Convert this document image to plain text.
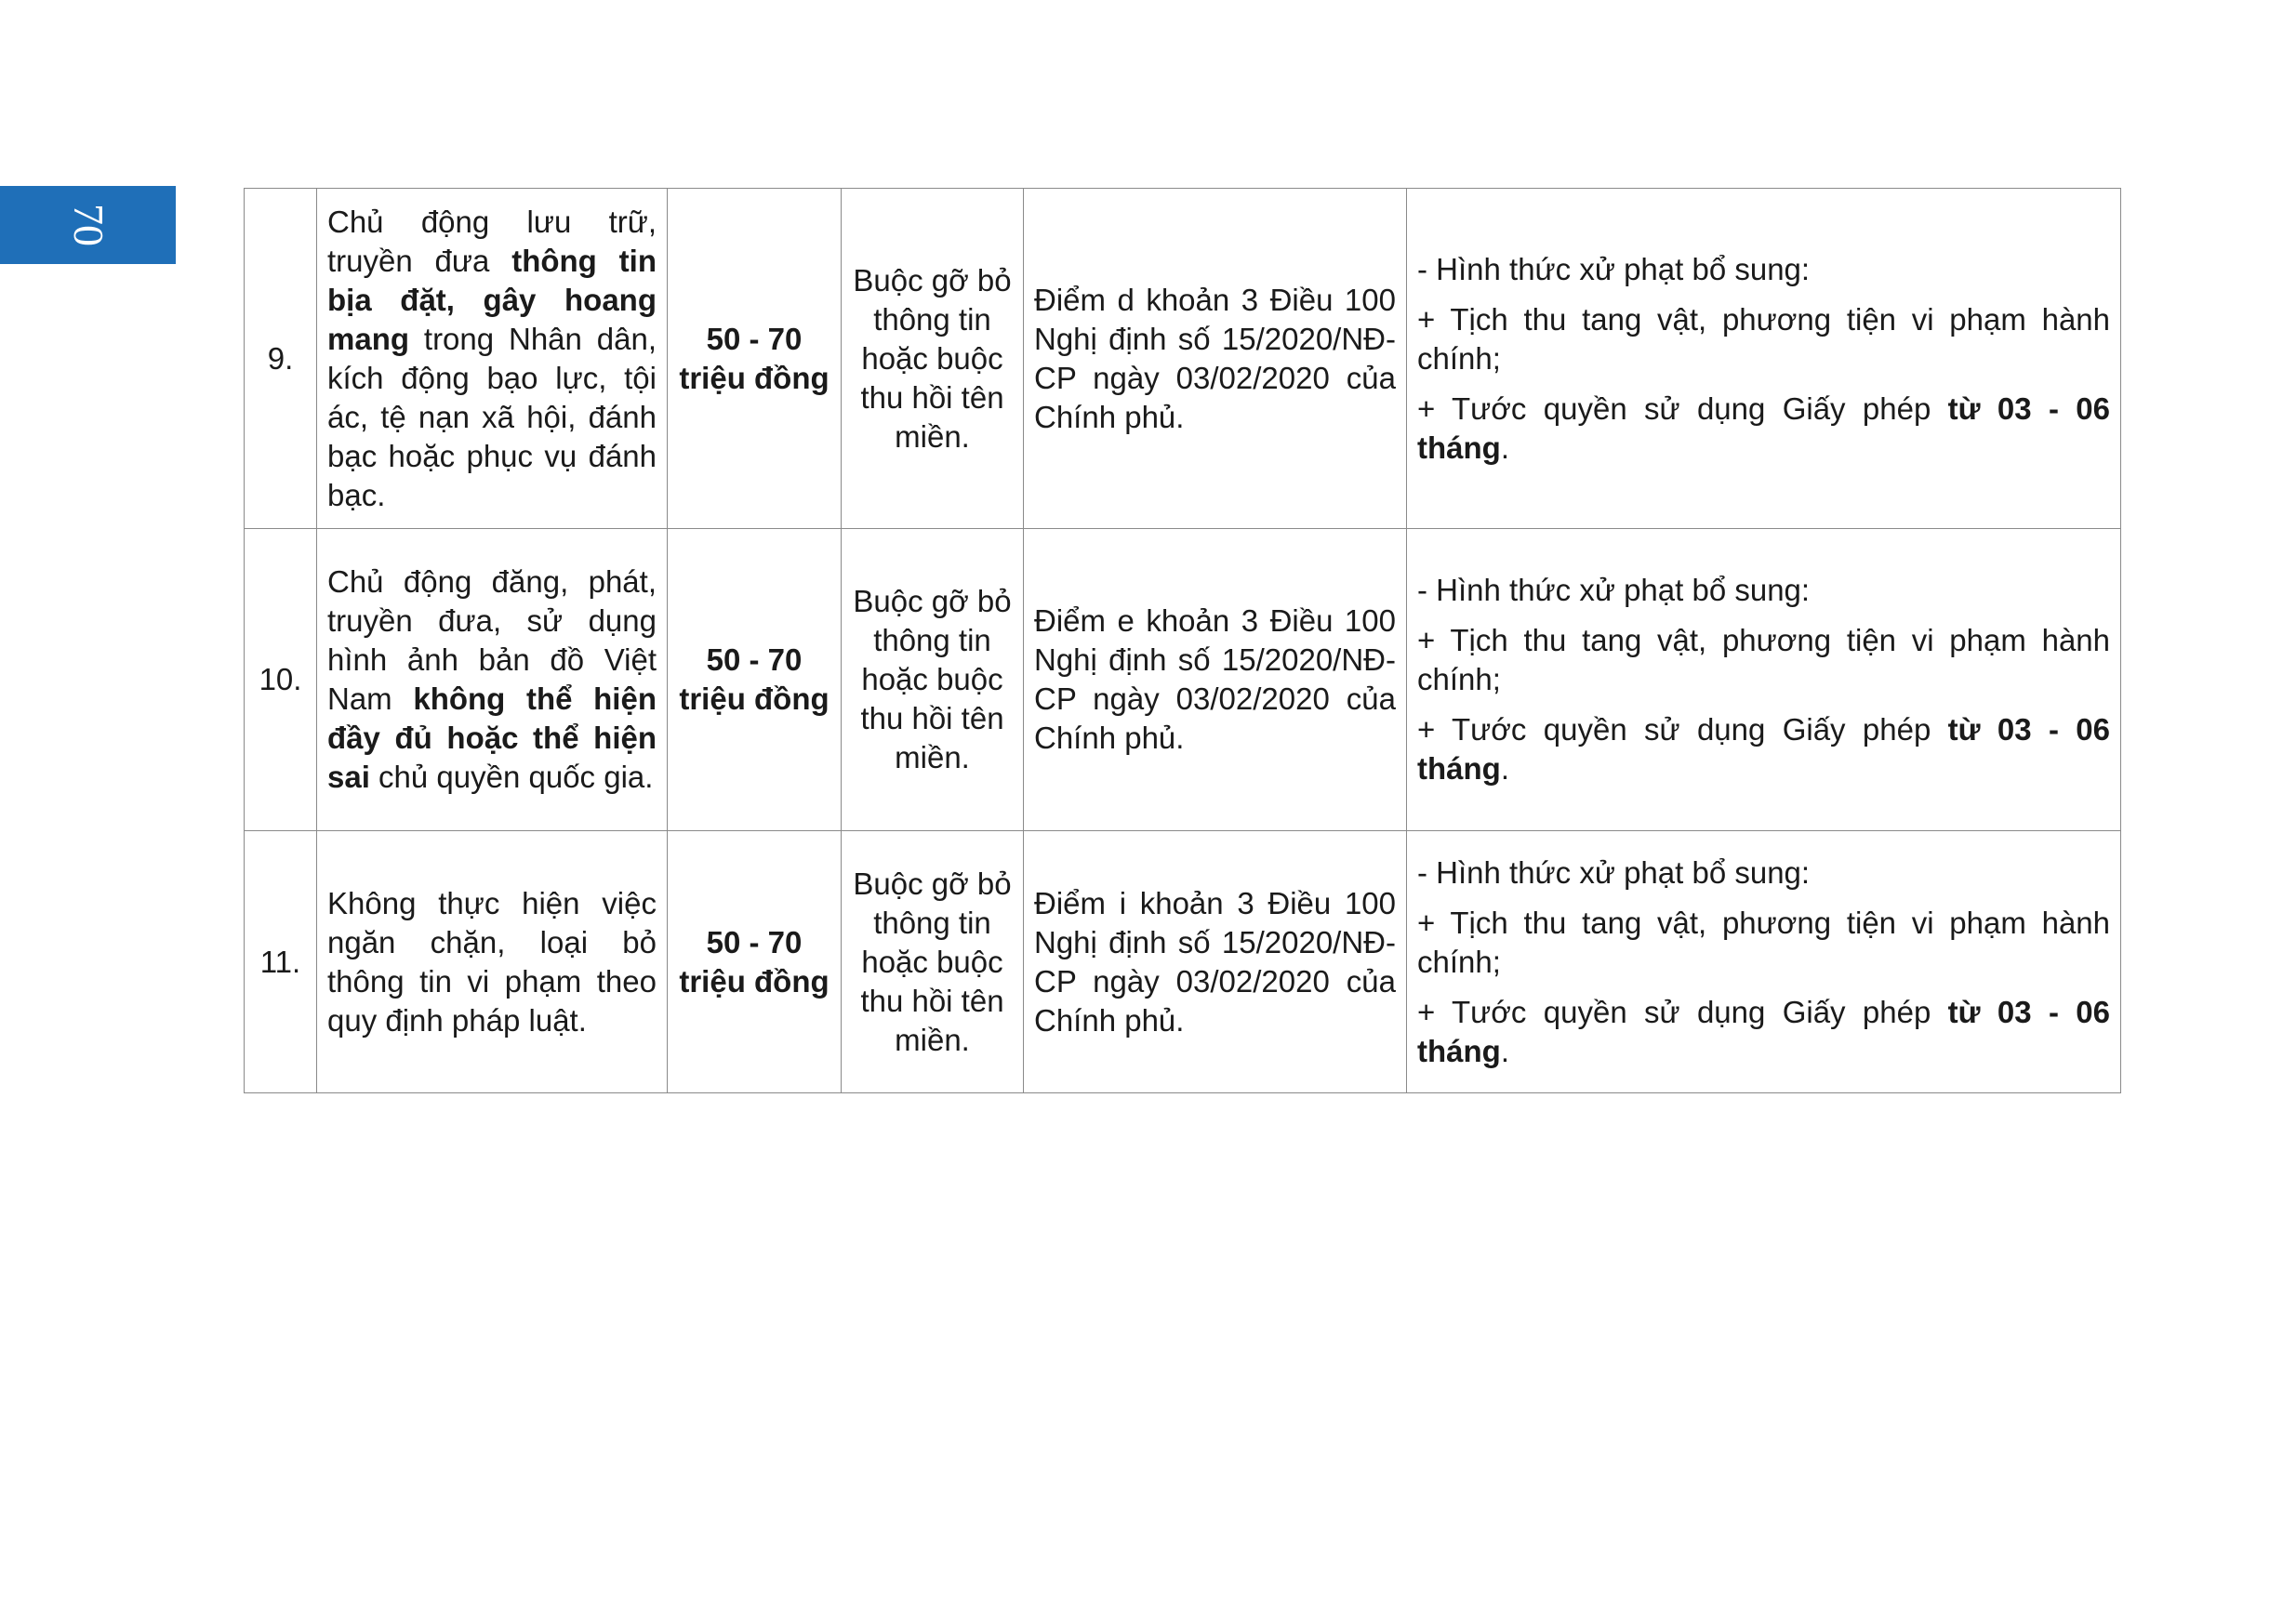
70
9.	Chủ động lưu trữ, truyền đưa thông tin bịa đặt, gây hoang mang trong Nhân dân, kích động bạo lực, tội ác, tệ nạn xã hội, đánh bạc hoặc phục vụ đánh bạc.	50 - 70 triệu đồng	Buộc gỡ bỏ thông tin hoặc buộc thu hồi tên miền.	Điểm d khoản 3 Điều 100 Nghị định số 15/2020/NĐ-CP ngày 03/02/2020 của Chính phủ.	- Hình thức xử phạt bổ sung:

+ Tịch thu tang vật, phương tiện vi phạm hành chính;

+ Tước quyền sử dụng Giấy phép từ 03 - 06 tháng.

10.	Chủ động đăng, phát, truyền đưa, sử dụng hình ảnh bản đồ Việt Nam không thể hiện đầy đủ hoặc thể hiện sai chủ quyền quốc gia.	50 - 70 triệu đồng	Buộc gỡ bỏ thông tin hoặc buộc thu hồi tên miền.	Điểm e khoản 3 Điều 100 Nghị định số 15/2020/NĐ-CP ngày 03/02/2020 của Chính phủ.	- Hình thức xử phạt bổ sung:

+ Tịch thu tang vật, phương tiện vi phạm hành chính;

+ Tước quyền sử dụng Giấy phép từ 03 - 06 tháng.

11.	Không thực hiện việc ngăn chặn, loại bỏ thông tin vi phạm theo quy định pháp luật.	50 - 70 triệu đồng	Buộc gỡ bỏ thông tin hoặc buộc thu hồi tên miền.	Điểm i khoản 3 Điều 100 Nghị định số 15/2020/NĐ-CP ngày 03/02/2020 của Chính phủ.	- Hình thức xử phạt bổ sung:

+ Tịch thu tang vật, phương tiện vi phạm hành chính;

+ Tước quyền sử dụng Giấy phép từ 03 - 06 tháng.
